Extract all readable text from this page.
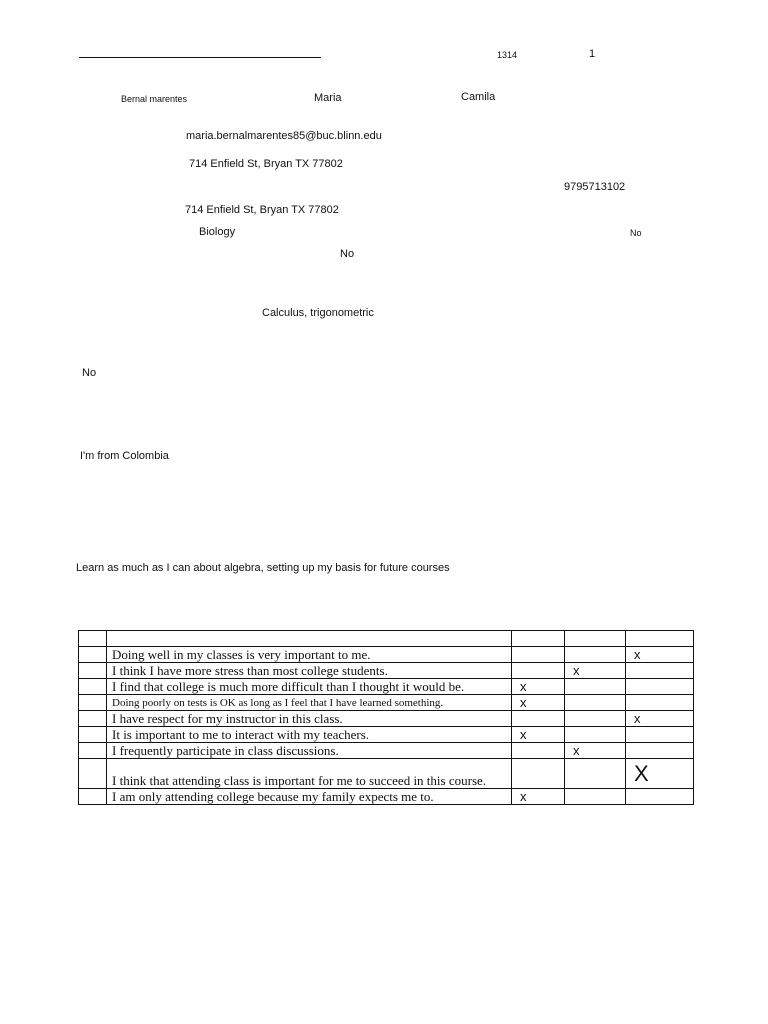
1314	1
Bernal marentes	Maria	Camila
maria.bernalmarentes85@buc.blinn.edu
714 Enfield St, Bryan TX 77802
9795713102
714 Enfield St, Bryan TX 77802
Biology	No
No
Calculus, trigonometric
No
I'm from Colombia
Learn as much as I can about algebra, setting up my basis for future courses

	Doing well in my classes is very important to me.			x
	I think I have more stress than most college students.		x	
	I find that college is much more difficult than I thought it would be.	x		
	Doing poorly on tests is OK as long as I feel that I have learned something.	x		
	I have respect for my instructor in this class.			x
	It is important to me to interact with my teachers.	x		
	I frequently participate in class discussions.		x	
	I think that attending class is important for me to succeed in this course.			X
	I am only attending college because my family expects me to.	x		
